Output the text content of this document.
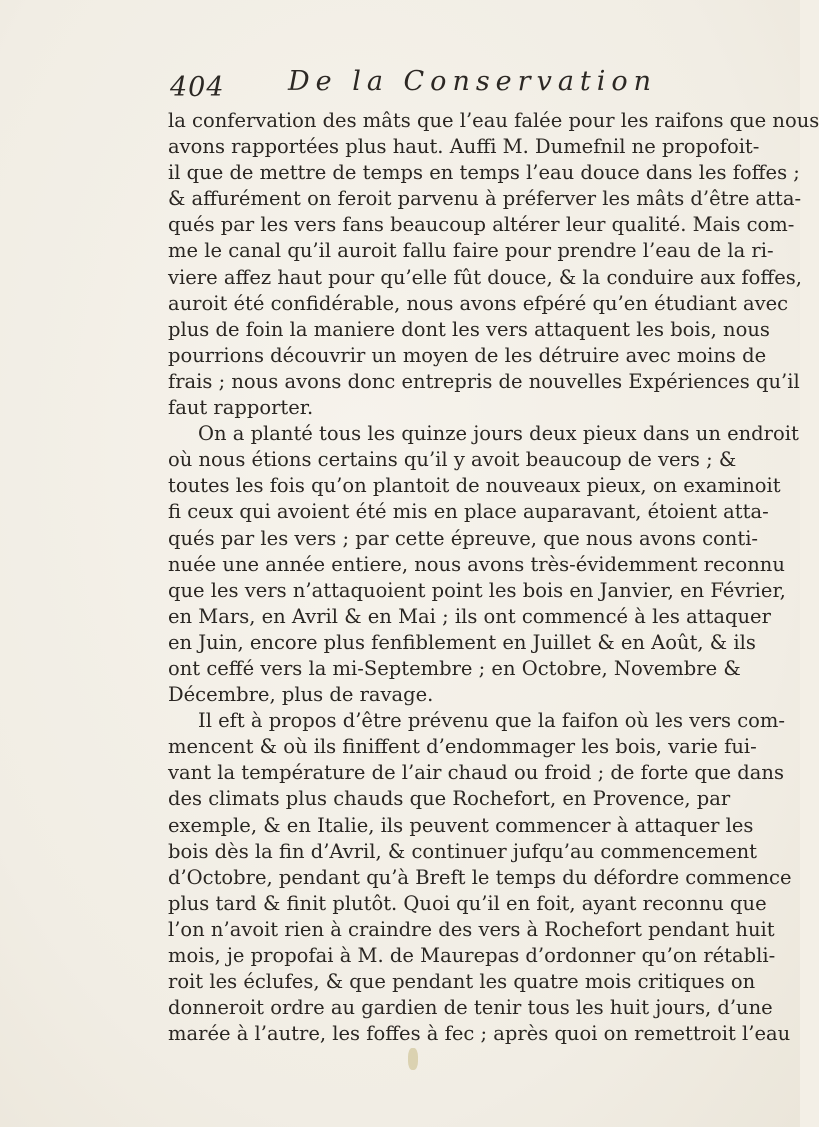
404 De la Conservation
la confervation des mâts que l’eau falée pour les raifons que nous
avons rapportées plus haut. Auffi M. Dumefnil ne propofoit-
il que de mettre de temps en temps l’eau douce dans les foffes ;
& affurément on feroit parvenu à préferver les mâts d’être atta-
qués par les vers fans beaucoup altérer leur qualité. Mais com-
me le canal qu’il auroit fallu faire pour prendre l’eau de la ri-
viere affez haut pour qu’elle fût douce, & la conduire aux foffes,
auroit été confidérable, nous avons efpéré qu’en étudiant avec
plus de foin la maniere dont les vers attaquent les bois, nous
pourrions découvrir un moyen de les détruire avec moins de
frais ; nous avons donc entrepris de nouvelles Expériences qu’il
faut rapporter.
On a planté tous les quinze jours deux pieux dans un endroit
où nous étions certains qu’il y avoit beaucoup de vers ; &
toutes les fois qu’on plantoit de nouveaux pieux, on examinoit
fi ceux qui avoient été mis en place auparavant, étoient atta-
qués par les vers ; par cette épreuve, que nous avons conti-
nuée une année entiere, nous avons très-évidemment reconnu
que les vers n’attaquoient point les bois en Janvier, en Février,
en Mars, en Avril & en Mai ; ils ont commencé à les attaquer
en Juin, encore plus fenfiblement en Juillet & en Août, & ils
ont ceffé vers la mi-Septembre ; en Octobre, Novembre &
Décembre, plus de ravage.
Il eft à propos d’être prévenu que la faifon où les vers com-
mencent & où ils finiffent d’endommager les bois, varie fui-
vant la température de l’air chaud ou froid ; de forte que dans
des climats plus chauds que Rochefort, en Provence, par
exemple, & en Italie, ils peuvent commencer à attaquer les
bois dès la fin d’Avril, & continuer jufqu’au commencement
d’Octobre, pendant qu’à Breft le temps du défordre commence
plus tard & finit plutôt. Quoi qu’il en foit, ayant reconnu que
l’on n’avoit rien à craindre des vers à Rochefort pendant huit
mois, je propofai à M. de Maurepas d’ordonner qu’on rétabli-
roit les éclufes, & que pendant les quatre mois critiques on
donneroit ordre au gardien de tenir tous les huit jours, d’une
marée à l’autre, les foffes à fec ; après quoi on remettroit l’eau
